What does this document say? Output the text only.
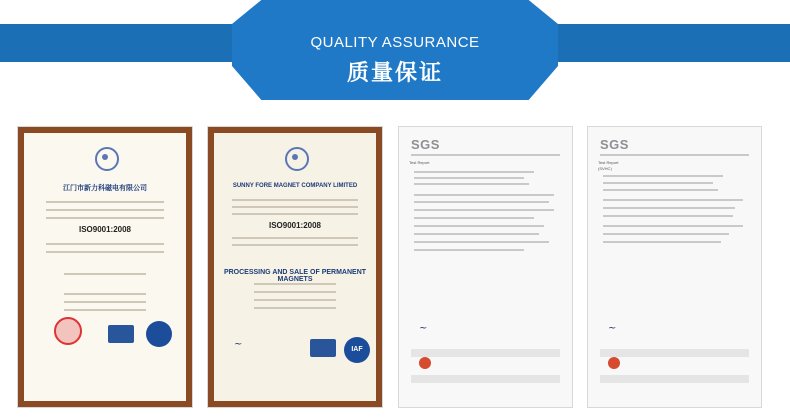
QUALITY ASSURANCE
质量保证
江门市新力科磁电有限公司
ISO9001:2008
SUNNY FORE MAGNET COMPANY LIMITED
ISO9001:2008
PROCESSING AND SALE OF PERMANENT MAGNETS
~	IAF
SGS
Test Report
~
SGS
Test Report
(SVHC)
~
